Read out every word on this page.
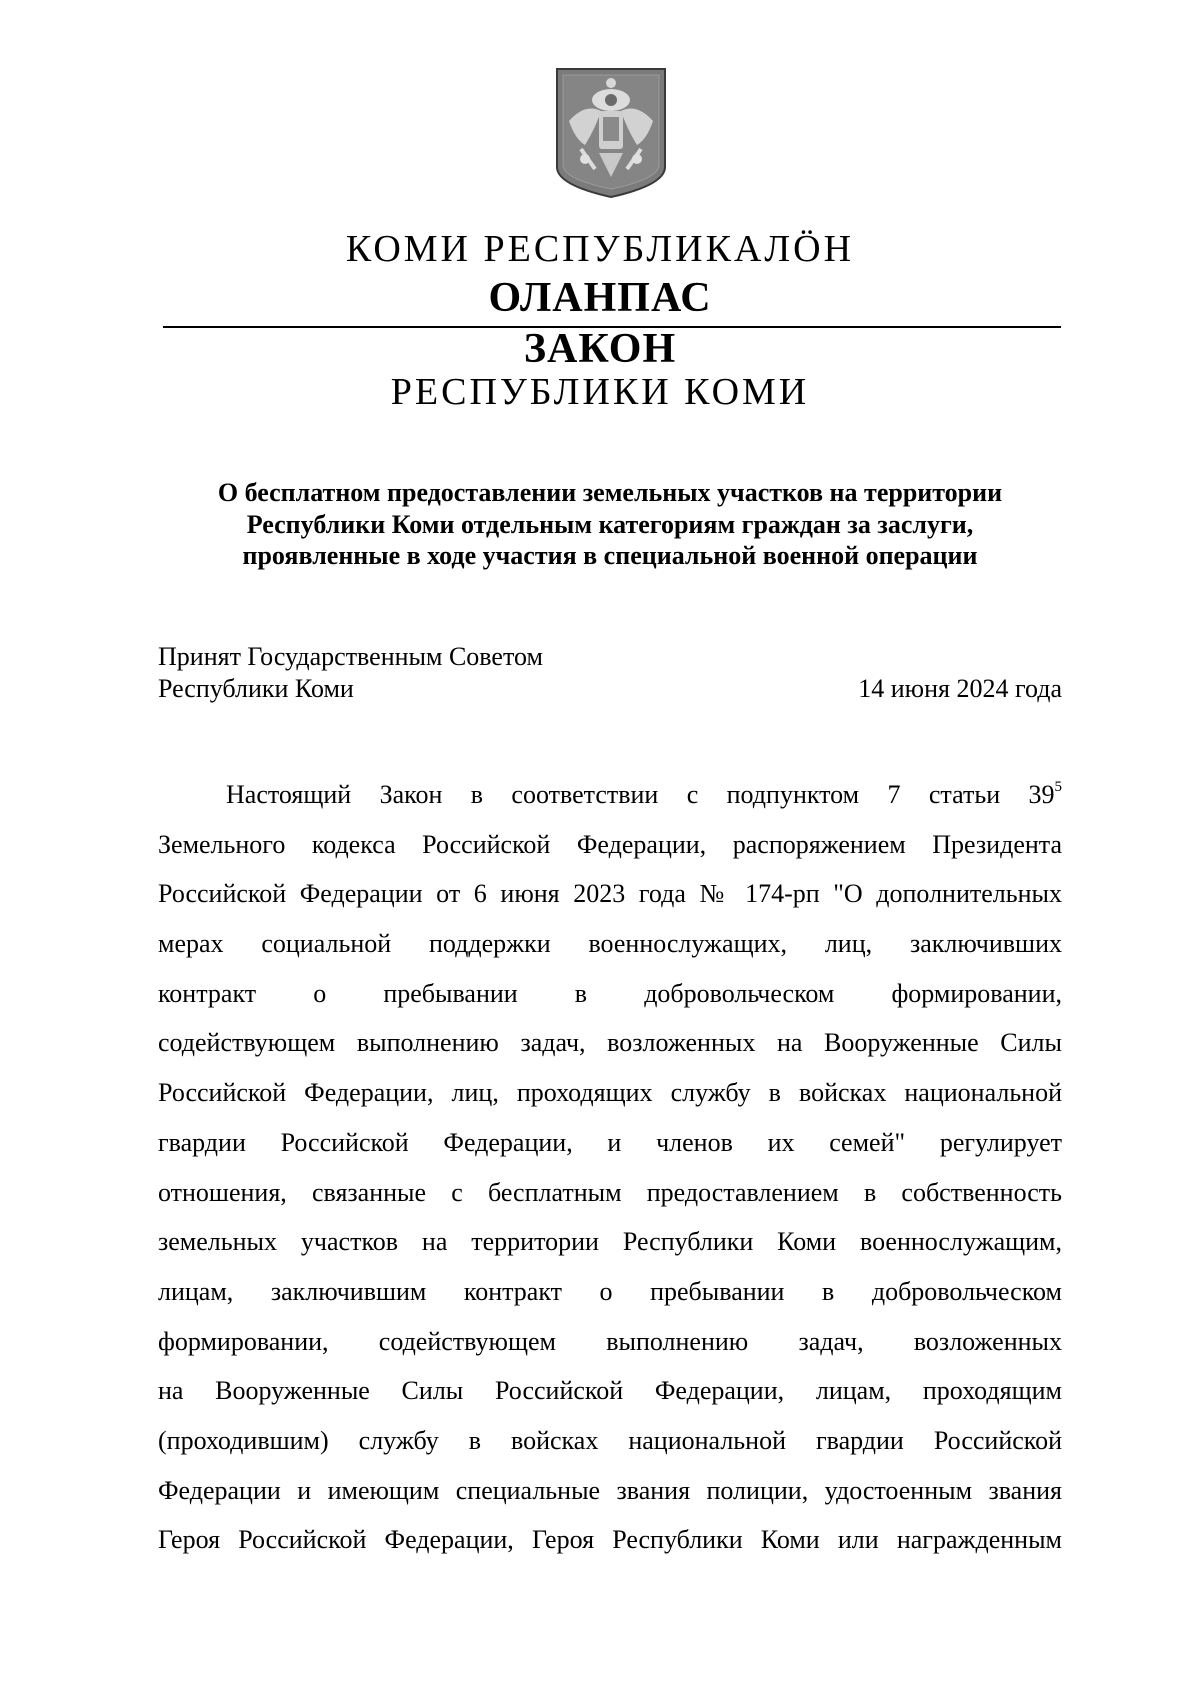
КОМИ РЕСПУБЛИКАЛӦН
ОЛАНПАС
ЗАКОН
РЕСПУБЛИКИ КОМИ
О бесплатном предоставлении земельных участков на территории
Республики Коми отдельным категориям граждан за заслуги,
проявленные в ходе участия в специальной военной операции
Принят Государственным Советом
Республики Коми	14 июня 2024 года
Настоящий Закон в соответствии с подпунктом 7 статьи $39^5$
Земельного кодекса Российской Федерации, распоряжением Президента
Российской Федерации от 6 июня 2023 года № 174-рп "О дополнительных
мерах социальной поддержки военнослужащих, лиц, заключивших
контракт о пребывании в добровольческом формировании,
содействующем выполнению задач, возложенных на Вооруженные Силы
Российской Федерации, лиц, проходящих службу в войсках национальной
гвардии Российской Федерации, и членов их семей" регулирует
отношения, связанные с бесплатным предоставлением в собственность
земельных участков на территории Республики Коми военнослужащим,
лицам, заключившим контракт о пребывании в добровольческом
формировании, содействующем выполнению задач, возложенных
на Вооруженные Силы Российской Федерации, лицам, проходящим
(проходившим) службу в войсках национальной гвардии Российской
Федерации и имеющим специальные звания полиции, удостоенным звания
Героя Российской Федерации, Героя Республики Коми или награжденным
